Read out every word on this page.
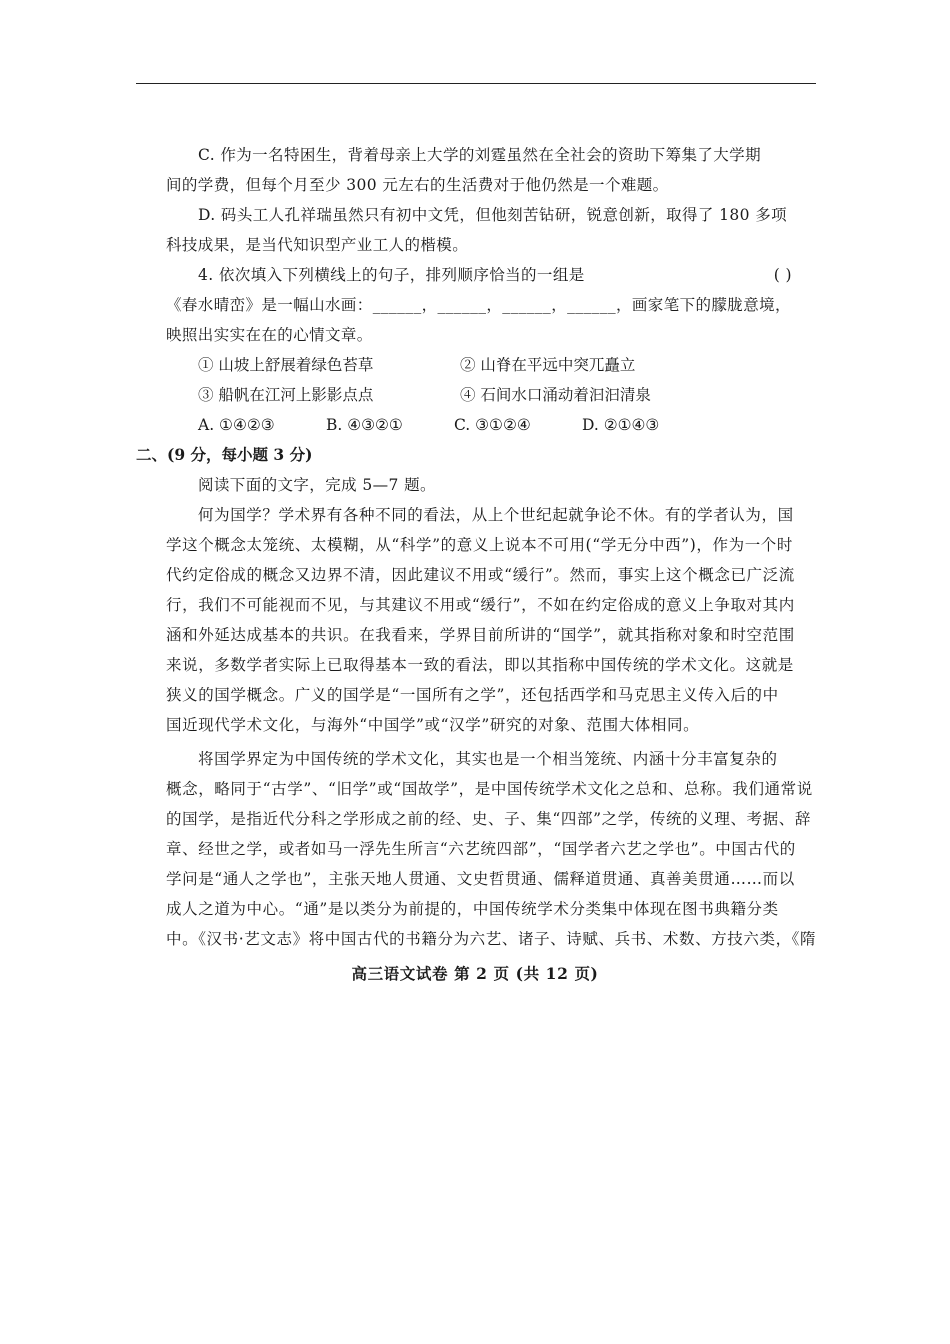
C. 作为一名特困生，背着母亲上大学的刘霆虽然在全社会的资助下筹集了大学期
间的学费，但每个月至少 300 元左右的生活费对于他仍然是一个难题。
D. 码头工人孔祥瑞虽然只有初中文凭，但他刻苦钻研，锐意创新，取得了 180 多项
科技成果，是当代知识型产业工人的楷模。
4. 依次填入下列横线上的句子，排列顺序恰当的一组是	( )
《春水晴峦》是一幅山水画：______，______，______，______，画家笔下的朦胧意境，
映照出实实在在的心情文章。
① 山坡上舒展着绿色苔草	② 山脊在平远中突兀矗立
③ 船帆在江河上影影点点	④ 石间水口涌动着汩汩清泉
A. ①④②③	B. ④③②①	C. ③①②④	D. ②①④③
二、(9 分，每小题 3 分)
阅读下面的文字，完成 5—7 题。
何为国学？学术界有各种不同的看法，从上个世纪起就争论不休。有的学者认为，国
学这个概念太笼统、太模糊，从“科学”的意义上说本不可用(“学无分中西”)，作为一个时
代约定俗成的概念又边界不清，因此建议不用或“缓行”。然而，事实上这个概念已广泛流
行，我们不可能视而不见，与其建议不用或“缓行”，不如在约定俗成的意义上争取对其内
涵和外延达成基本的共识。在我看来，学界目前所讲的“国学”，就其指称对象和时空范围
来说，多数学者实际上已取得基本一致的看法，即以其指称中国传统的学术文化。这就是
狭义的国学概念。广义的国学是“一国所有之学”，还包括西学和马克思主义传入后的中
国近现代学术文化，与海外“中国学”或“汉学”研究的对象、范围大体相同。
将国学界定为中国传统的学术文化，其实也是一个相当笼统、内涵十分丰富复杂的
概念，略同于“古学”、“旧学”或“国故学”，是中国传统学术文化之总和、总称。我们通常说
的国学，是指近代分科之学形成之前的经、史、子、集“四部”之学，传统的义理、考据、辞
章、经世之学，或者如马一浮先生所言“六艺统四部”，“国学者六艺之学也”。中国古代的
学问是“通人之学也”，主张天地人贯通、文史哲贯通、儒释道贯通、真善美贯通……而以
成人之道为中心。“通”是以类分为前提的，中国传统学术分类集中体现在图书典籍分类
中。《汉书·艺文志》将中国古代的书籍分为六艺、诸子、诗赋、兵书、术数、方技六类，《隋
高三语文试卷 第 2 页 (共 12 页)
